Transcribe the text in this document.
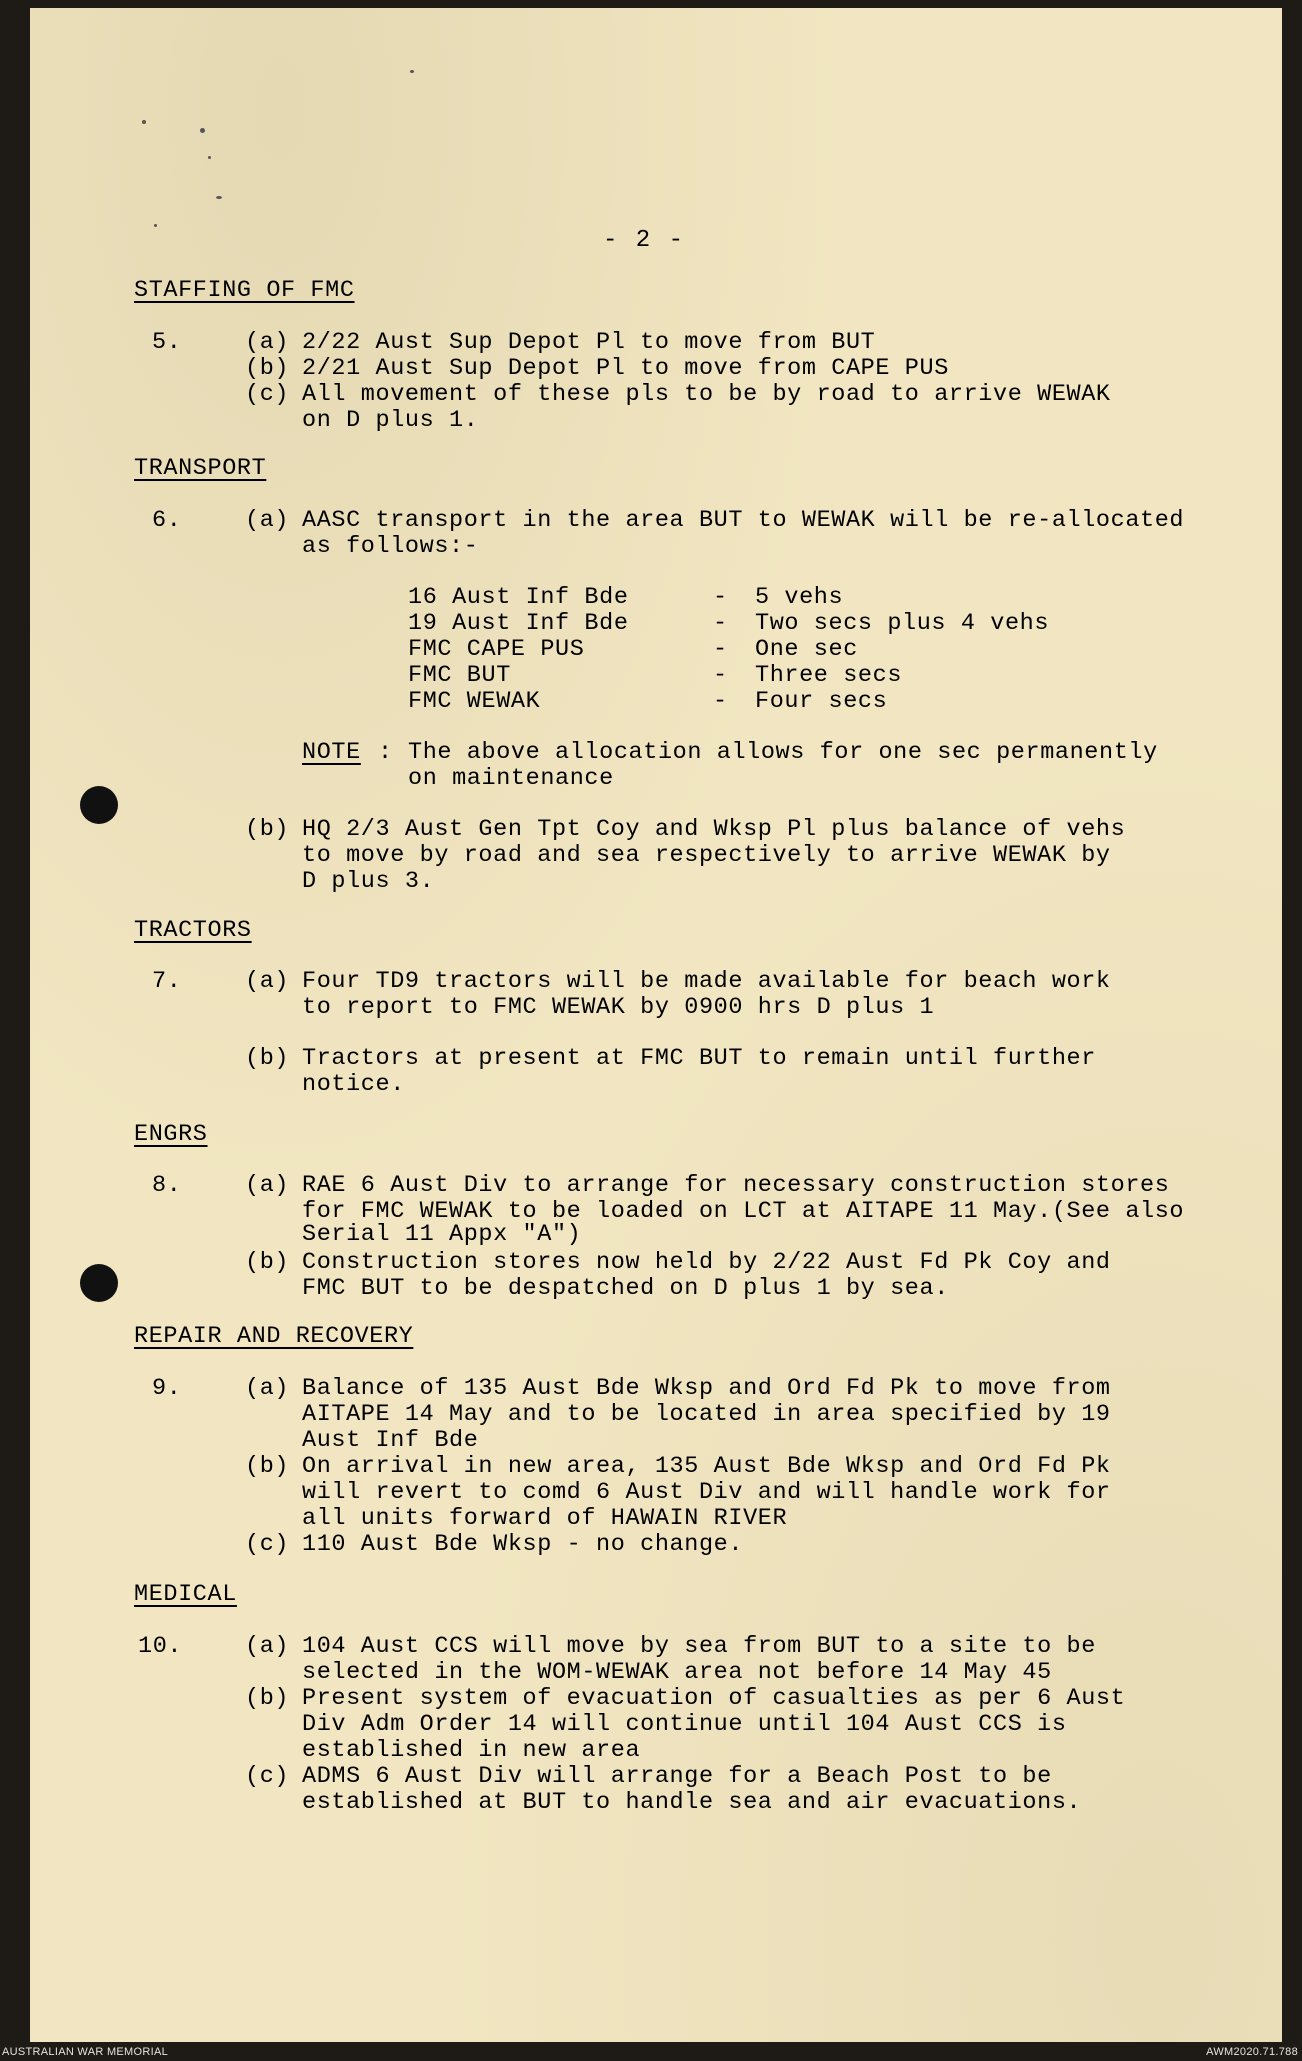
- 2 -
STAFFING OF FMC
5.	(a) 2/22 Aust Sup Depot Pl to move from BUT
(b) 2/21 Aust Sup Depot Pl to move from CAPE PUS
(c) All movement of these pls to be by road to arrive WEWAK
on D plus 1.
TRANSPORT
6.	(a) AASC transport in the area BUT to WEWAK will be re-allocated
as follows:-
16 Aust Inf Bde	- 5 vehs
19 Aust Inf Bde	- Two secs plus 4 vehs
FMC CAPE PUS	- One sec
FMC BUT	- Three secs
FMC WEWAK	- Four secs
NOTE : The above allocation allows for one sec permanently
on maintenance
(b) HQ 2/3 Aust Gen Tpt Coy and Wksp Pl plus balance of vehs
to move by road and sea respectively to arrive WEWAK by
D plus 3.
TRACTORS
7.	(a) Four TD9 tractors will be made available for beach work
to report to FMC WEWAK by 0900 hrs D plus 1
(b) Tractors at present at FMC BUT to remain until further
notice.
ENGRS
8.	(a) RAE 6 Aust Div to arrange for necessary construction stores
for FMC WEWAK to be loaded on LCT at AITAPE 11 May.(See also
Serial 11 Appx "A")
(b) Construction stores now held by 2/22 Aust Fd Pk Coy and
FMC BUT to be despatched on D plus 1 by sea.
REPAIR AND RECOVERY
9.	(a) Balance of 135 Aust Bde Wksp and Ord Fd Pk to move from
AITAPE 14 May and to be located in area specified by 19
Aust Inf Bde
(b) On arrival in new area, 135 Aust Bde Wksp and Ord Fd Pk
will revert to comd 6 Aust Div and will handle work for
all units forward of HAWAIN RIVER
(c) 110 Aust Bde Wksp - no change.
MEDICAL
10.	(a) 104 Aust CCS will move by sea from BUT to a site to be
selected in the WOM-WEWAK area not before 14 May 45
(b) Present system of evacuation of casualties as per 6 Aust
Div Adm Order 14 will continue until 104 Aust CCS is
established in new area
(c) ADMS 6 Aust Div will arrange for a Beach Post to be
established at BUT to handle sea and air evacuations.
AUSTRALIAN WAR MEMORIAL	AWM2020.71.788
